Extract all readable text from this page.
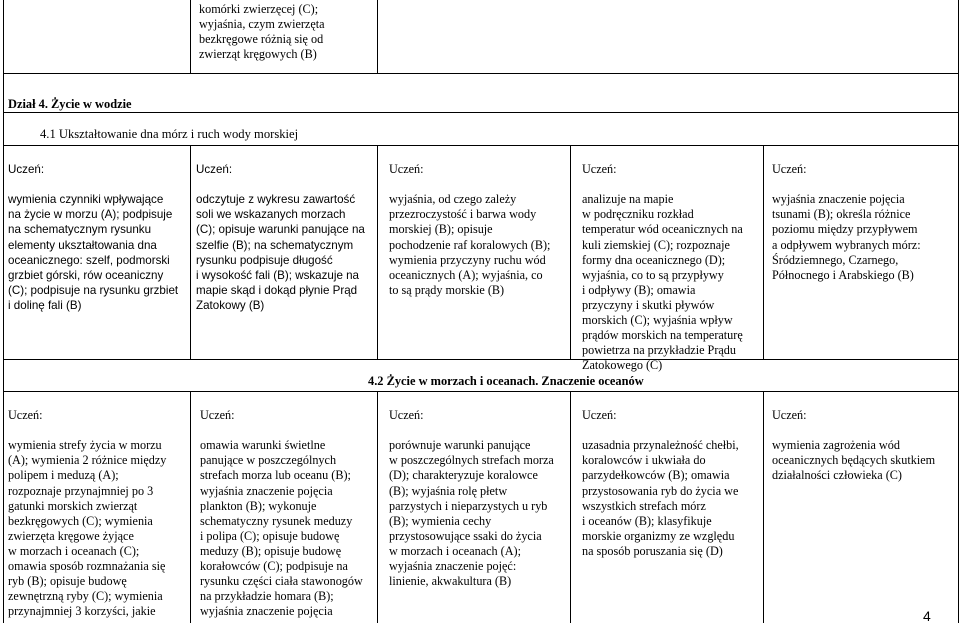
komórki zwierzęcej (C);
wyjaśnia, czym zwierzęta
bezkręgowe różnią się od
zwierząt kręgowych (B)
Dział 4. Życie w wodzie
4.1 Ukształtowanie dna mórz i ruch wody morskiej

Uczeń:

wymienia czynniki wpływające
na życie w morzu (A); podpisuje
na schematycznym rysunku
elementy ukształtowania dna
oceanicznego: szelf, podmorski
grzbiet górski, rów oceaniczny
(C); podpisuje na rysunku grzbiet
i dolinę fali (B)

Uczeń:

odczytuje z wykresu zawartość
soli we wskazanych morzach
(C); opisuje warunki panujące na
szelfie (B); na schematycznym
rysunku podpisuje długość
i wysokość fali (B); wskazuje na
mapie skąd i dokąd płynie Prąd
Zatokowy (B)

Uczeń:

wyjaśnia, od czego zależy
przezroczystość i barwa wody
morskiej (B); opisuje
pochodzenie raf koralowych (B);
wymienia przyczyny ruchu wód
oceanicznych (A); wyjaśnia, co
to są prądy morskie (B)

Uczeń:

analizuje na mapie
w podręczniku rozkład
temperatur wód oceanicznych na
kuli ziemskiej (C); rozpoznaje
formy dna oceanicznego (D);
wyjaśnia, co to są przypływy
i odpływy (B); omawia
przyczyny i skutki pływów
morskich (C); wyjaśnia wpływ
prądów morskich na temperaturę
powietrza na przykładzie Prądu
Zatokowego (C)

Uczeń:

wyjaśnia znaczenie pojęcia
tsunami (B); określa różnice
poziomu między przypływem
a odpływem wybranych mórz:
Śródziemnego, Czarnego,
Północnego i Arabskiego (B)

4.2 Życie w morzach i oceanach. Znaczenie oceanów

Uczeń:

wymienia strefy życia w morzu
(A); wymienia 2 różnice między
polipem i meduzą (A);
rozpoznaje przynajmniej po 3
gatunki morskich zwierząt
bezkręgowych (C); wymienia
zwierzęta kręgowe żyjące
w morzach i oceanach (C);
omawia sposób rozmnażania się
ryb (B); opisuje budowę
zewnętrzną ryby (C); wymienia
przynajmniej 3 korzyści, jakie

Uczeń:

omawia warunki świetlne
panujące w poszczególnych
strefach morza lub oceanu (B);
wyjaśnia znaczenie pojęcia
plankton (B); wykonuje
schematyczny rysunek meduzy
i polipa (C); opisuje budowę
meduzy (B); opisuje budowę
korałowców (C); podpisuje na
rysunku części ciała stawonogów
na przykładzie homara (B);
wyjaśnia znaczenie pojęcia

Uczeń:

porównuje warunki panujące
w poszczególnych strefach morza
(D); charakteryzuje koralowce
(B); wyjaśnia rolę płetw
parzystych i nieparzystych u ryb
(B); wymienia cechy
przystosowujące ssaki do życia
w morzach i oceanach (A);
wyjaśnia znaczenie pojęć:
linienie, akwakultura (B)

Uczeń:

uzasadnia przynależność chełbi,
koralowców i ukwiała do
parzydełkowców (B); omawia
przystosowania ryb do życia we
wszystkich strefach mórz
i oceanów (B); klasyfikuje
morskie organizmy ze względu
na sposób poruszania się (D)

Uczeń:

wymienia zagrożenia wód
oceanicznych będących skutkiem
działalności człowieka (C)

4
